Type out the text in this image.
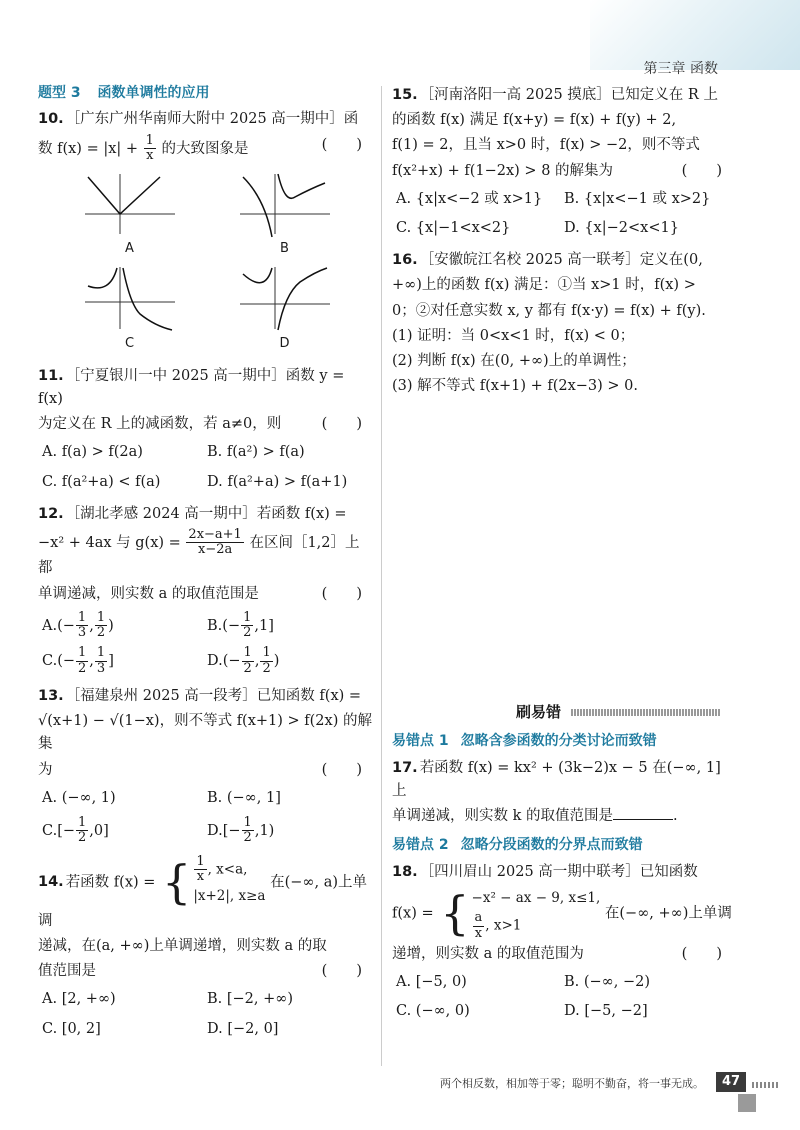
第三章 函数
题型 3 函数单调性的应用
10. ［广东广州华南师大附中 2025 高一期中］函
数 $f(x) = |x| + \frac{1}{x}$ 的大致图象是	(　　)
A	B
C	D
11. ［宁夏银川一中 2025 高一期中］函数 y = f(x)
为定义在 R 上的减函数，若 a≠0，则	(　　)
A. f(a) > f(2a)	B. f(a²) > f(a)
C. f(a²+a) < f(a)	D. f(a²+a) > f(a+1)
12. ［湖北孝感 2024 高一期中］若函数 f(x) =
−x² + 4ax 与 $g(x) = \frac{2x-a+1}{x-2a}$ 在区间［1,2］上都
单调递减，则实数 a 的取值范围是	(　　)
$A.(- \frac{1}{3}$ , $\frac{1}{2}$ )	$B.(- \frac{1}{2} ,1]$
$C.(- \frac{1}{2}$ , $\frac{1}{3}$ ]	$D.(- \frac{1}{2}$ , $\frac{1}{2}$ )
13. ［福建泉州 2025 高一段考］已知函数 f(x) =
√(x+1) − √(1−x)，则不等式 f(x+1) > f(2x) 的解集
为	(　　)
A. (−∞, 1)	B. (−∞, 1]
$C.[- \frac{1}{2} ,0]$	$D.[- \frac{1}{2} ,1)$
14. 若函数 f(x) = { $\frac{1}{x}$ , x<a,
|x+2|, x≥a
在(−∞, a)上单调
递减，在(a, +∞)上单调递增，则实数 a 的取
值范围是	(　　)
A. [2, +∞)	B. [−2, +∞)
C. [0, 2]	D. [−2, 0]
15. ［河南洛阳一高 2025 摸底］已知定义在 R 上
的函数 f(x) 满足 f(x+y) = f(x) + f(y) + 2,
f(1) = 2，且当 x>0 时，f(x) > −2，则不等式
f(x²+x) + f(1−2x) > 8 的解集为	(　　)
A. {x|x<−2 或 x>1}	B. {x|x<−1 或 x>2}
C. {x|−1<x<2}	D. {x|−2<x<1}
16. ［安徽皖江名校 2025 高一联考］定义在(0,
+∞)上的函数 f(x) 满足：①当 x>1 时，f(x) >
0；②对任意实数 x, y 都有 f(x·y) = f(x) + f(y).
(1) 证明：当 0<x<1 时，f(x) < 0；
(2) 判断 f(x) 在(0, +∞)上的单调性；
(3) 解不等式 f(x+1) + f(2x−3) > 0.
刷易错
易错点 1 忽略含参函数的分类讨论而致错
17. 若函数 f(x) = kx² + (3k−2)x − 5 在(−∞, 1]上
单调递减，则实数 k 的取值范围是	.
易错点 2 忽略分段函数的分界点而致错
18. ［四川眉山 2025 高一期中联考］已知函数
f(x) = { −x² − ax − 9, x≤1,
$\frac{a}{x}$ , x>1
在(−∞, +∞)上单调
递增，则实数 a 的取值范围为	(　　)
A. [−5, 0)	B. (−∞, −2)
C. (−∞, 0)	D. [−5, −2]
两个相反数，相加等于零；聪明不勤奋，将一事无成。	47
